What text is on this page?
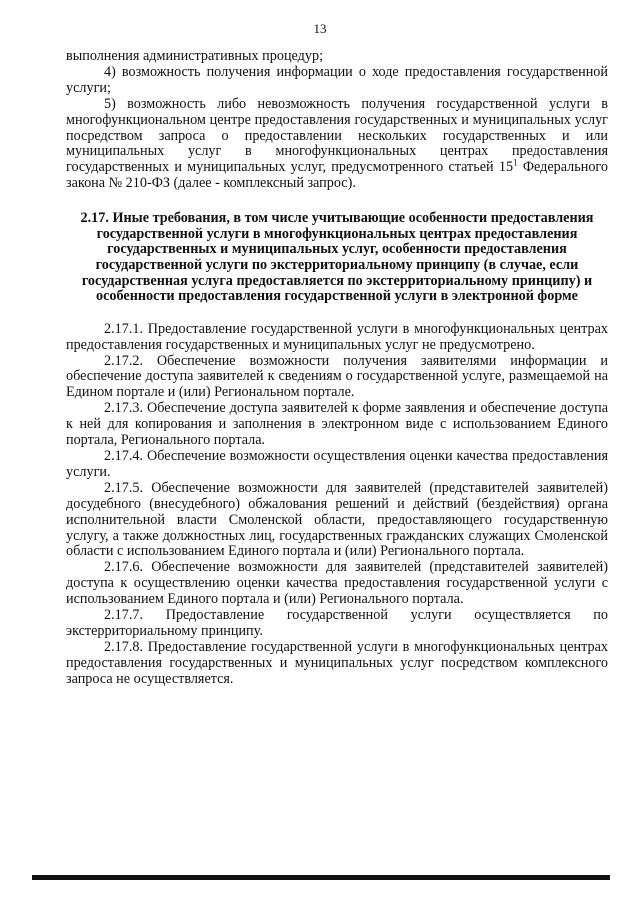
13

выполнения административных процедур;

4) возможность получения информации о ходе предоставления государственной услуги;

5) возможность либо невозможность получения государственной услуги в многофункциональном центре предоставления государственных и муниципальных услуг посредством запроса о предоставлении нескольких государственных и или муниципальных услуг в многофункциональных центрах предоставления государственных и муниципальных услуг, предусмотренного статьей $15^1$ Федерального закона № 210-ФЗ (далее - комплексный запрос).

2.17. Иные требования, в том числе учитывающие особенности предоставления государственной услуги в многофункциональных центрах предоставления государственных и муниципальных услуг, особенности предоставления государственной услуги по экстерриториальному принципу (в случае, если государственная услуга предоставляется по экстерриториальному принципу) и особенности предоставления государственной услуги в электронной форме

2.17.1. Предоставление государственной услуги в многофункциональных центрах предоставления государственных и муниципальных услуг не предусмотрено.

2.17.2. Обеспечение возможности получения заявителями информации и обеспечение доступа заявителей к сведениям о государственной услуге, размещаемой на Едином портале и (или) Региональном портале.

2.17.3. Обеспечение доступа заявителей к форме заявления и обеспечение доступа к ней для копирования и заполнения в электронном виде с использованием Единого портала, Регионального портала.

2.17.4. Обеспечение возможности осуществления оценки качества предоставления услуги.

2.17.5. Обеспечение возможности для заявителей (представителей заявителей) досудебного (внесудебного) обжалования решений и действий (бездействия) органа исполнительной власти Смоленской области, предоставляющего государственную услугу, а также должностных лиц, государственных гражданских служащих Смоленской области с использованием Единого портала и (или) Регионального портала.

2.17.6. Обеспечение возможности для заявителей (представителей заявителей) доступа к осуществлению оценки качества предоставления государственной услуги с использованием Единого портала и (или) Регионального портала.

2.17.7. Предоставление государственной услуги осуществляется по экстерриториальному принципу.

2.17.8. Предоставление государственной услуги в многофункциональных центрах предоставления государственных и муниципальных услуг посредством комплексного запроса не осуществляется.
